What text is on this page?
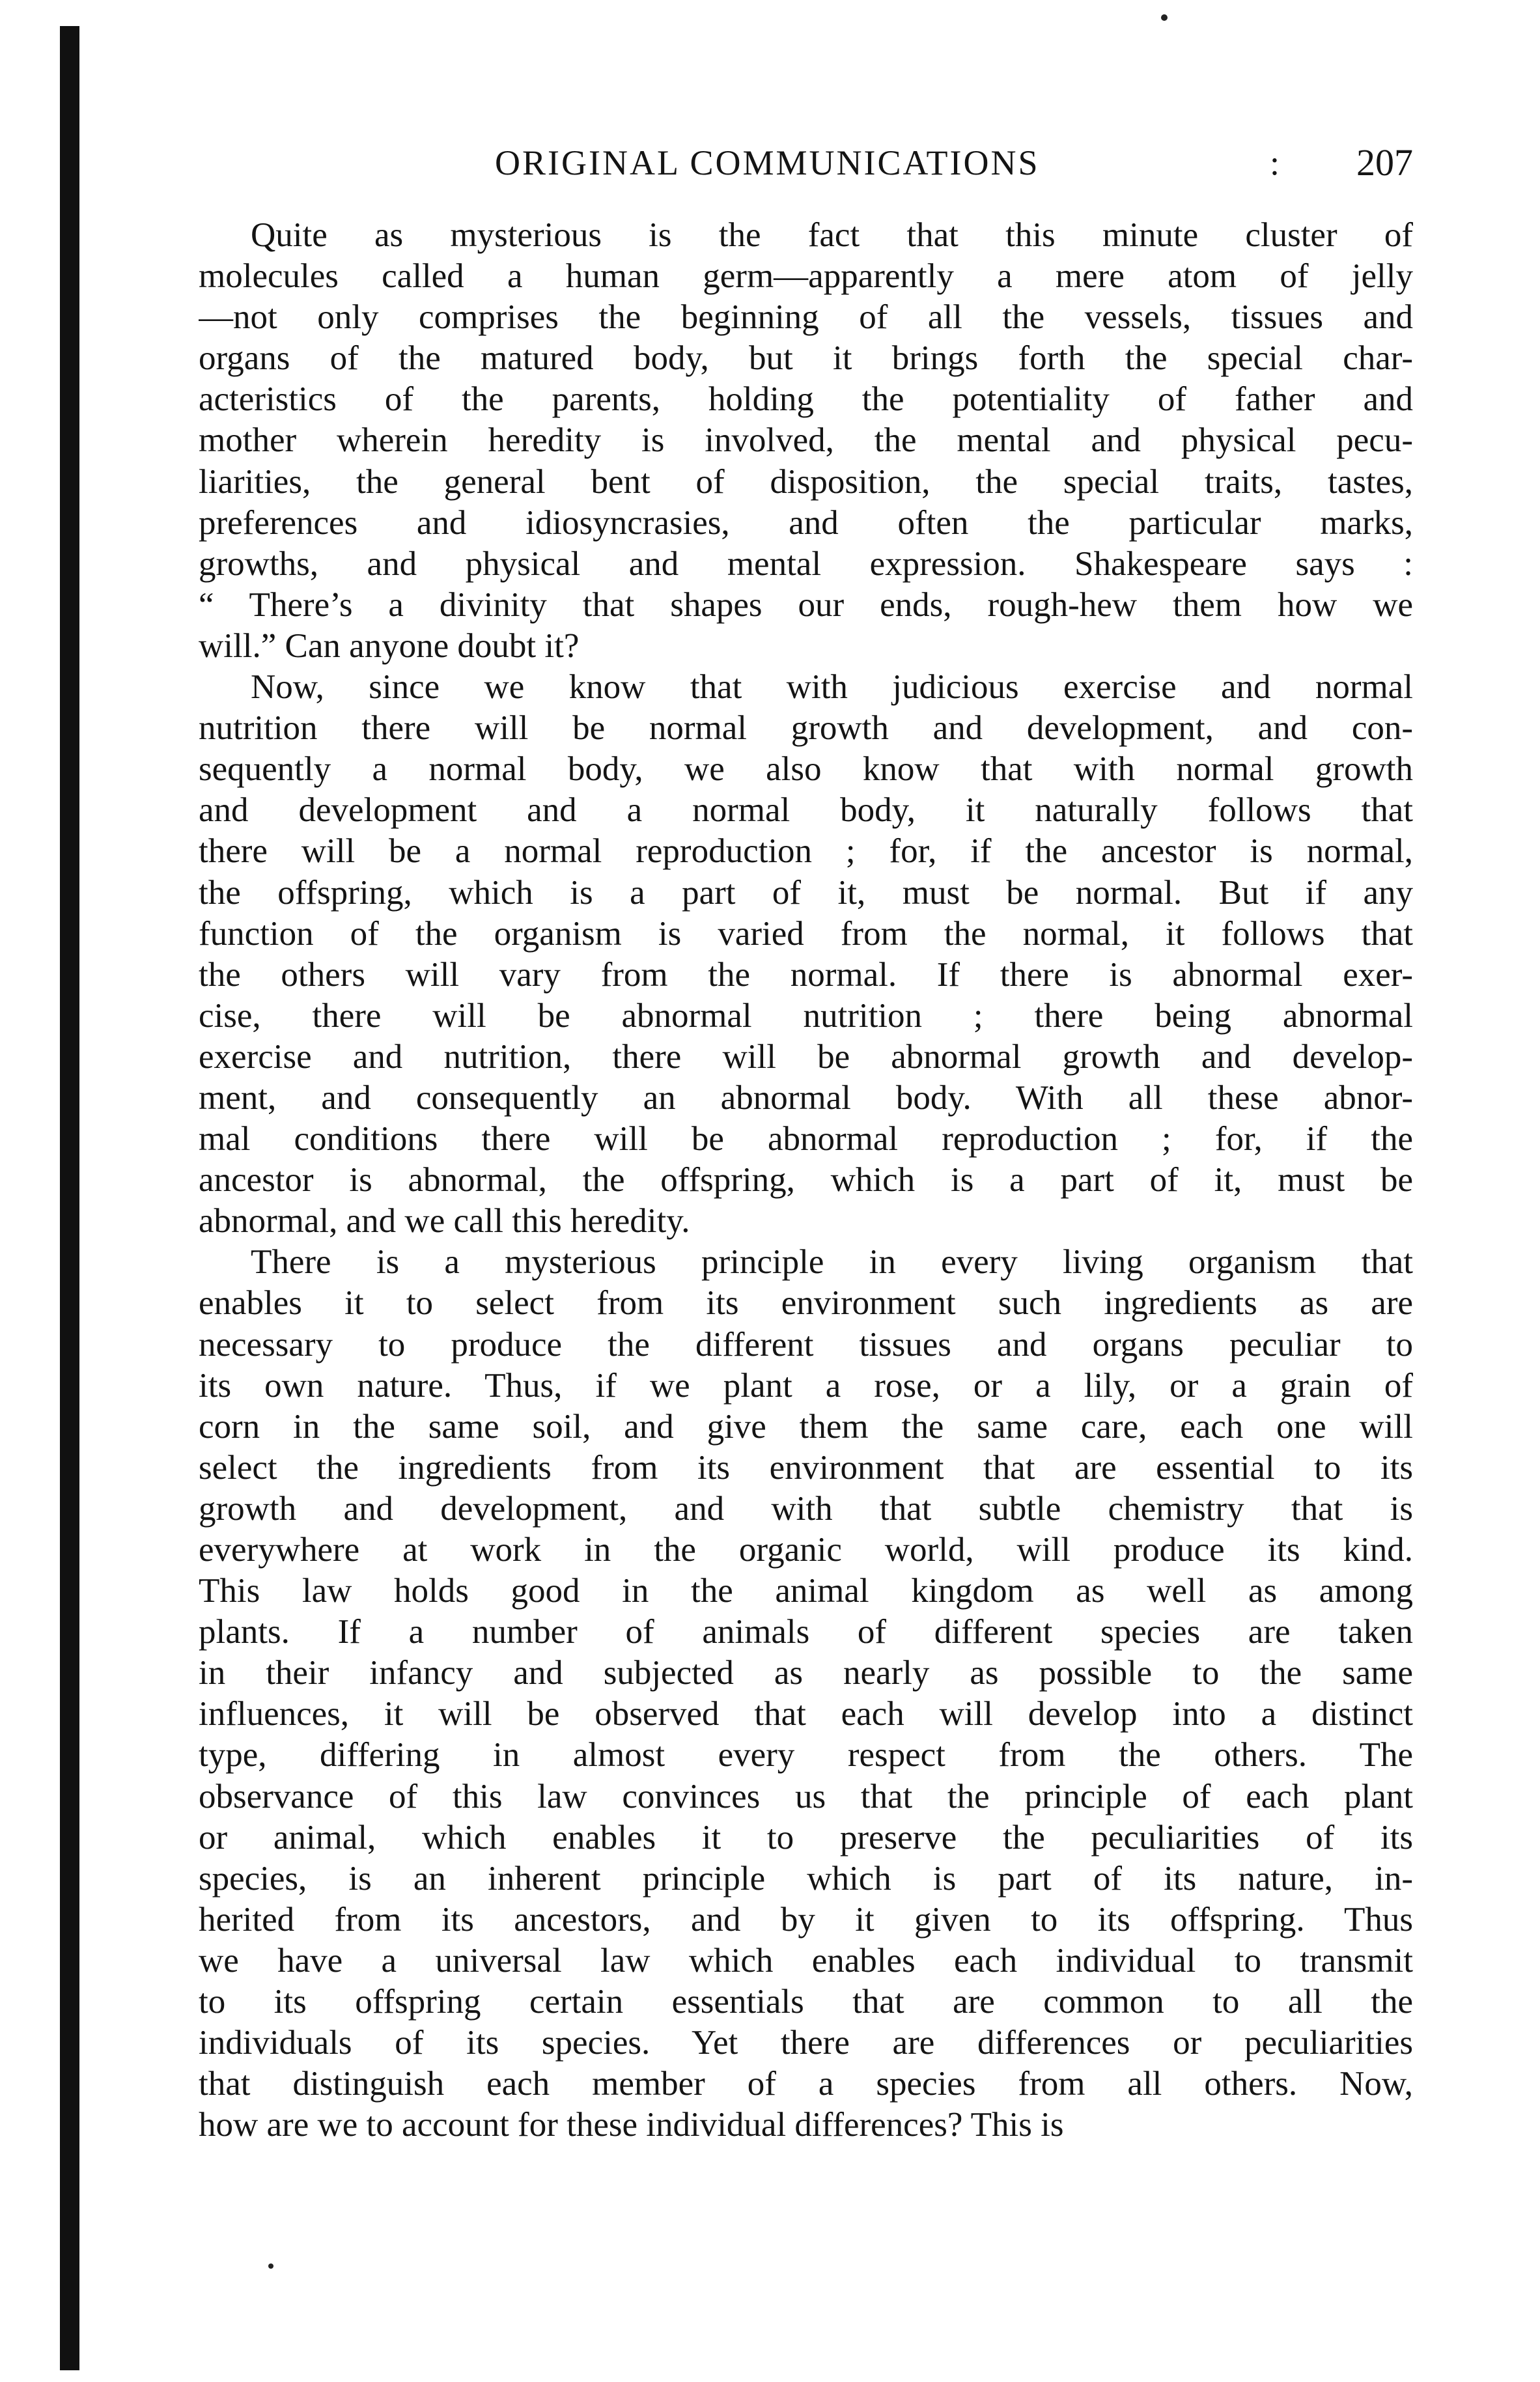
ORIGINAL COMMUNICATIONS	: 207
Quite as mysterious is the fact that this minute cluster of
molecules called a human germ—apparently a mere atom of jelly
—not only comprises the beginning of all the vessels, tissues and
organs of the matured body, but it brings forth the special char-
acteristics of the parents, holding the potentiality of father and
mother wherein heredity is involved, the mental and physical pecu-
liarities, the general bent of disposition, the special traits, tastes,
preferences and idiosyncrasies, and often the particular marks,
growths, and physical and mental expression. Shakespeare says :
“ There’s a divinity that shapes our ends, rough-hew them how we
will.” Can anyone doubt it?
Now, since we know that with judicious exercise and normal
nutrition there will be normal growth and development, and con-
sequently a normal body, we also know that with normal growth
and development and a normal body, it naturally follows that
there will be a normal reproduction ; for, if the ancestor is normal,
the offspring, which is a part of it, must be normal. But if any
function of the organism is varied from the normal, it follows that
the others will vary from the normal. If there is abnormal exer-
cise, there will be abnormal nutrition ; there being abnormal
exercise and nutrition, there will be abnormal growth and develop-
ment, and consequently an abnormal body. With all these abnor-
mal conditions there will be abnormal reproduction ; for, if the
ancestor is abnormal, the offspring, which is a part of it, must be
abnormal, and we call this heredity.
There is a mysterious principle in every living organism that
enables it to select from its environment such ingredients as are
necessary to produce the different tissues and organs peculiar to
its own nature. Thus, if we plant a rose, or a lily, or a grain of
corn in the same soil, and give them the same care, each one will
select the ingredients from its environment that are essential to its
growth and development, and with that subtle chemistry that is
everywhere at work in the organic world, will produce its kind.
This law holds good in the animal kingdom as well as among
plants. If a number of animals of different species are taken
in their infancy and subjected as nearly as possible to the same
influences, it will be observed that each will develop into a distinct
type, differing in almost every respect from the others. The
observance of this law convinces us that the principle of each plant
or animal, which enables it to preserve the peculiarities of its
species, is an inherent principle which is part of its nature, in-
herited from its ancestors, and by it given to its offspring. Thus
we have a universal law which enables each individual to transmit
to its offspring certain essentials that are common to all the
individuals of its species. Yet there are differences or peculiarities
that distinguish each member of a species from all others. Now,
how are we to account for these individual differences? This is
